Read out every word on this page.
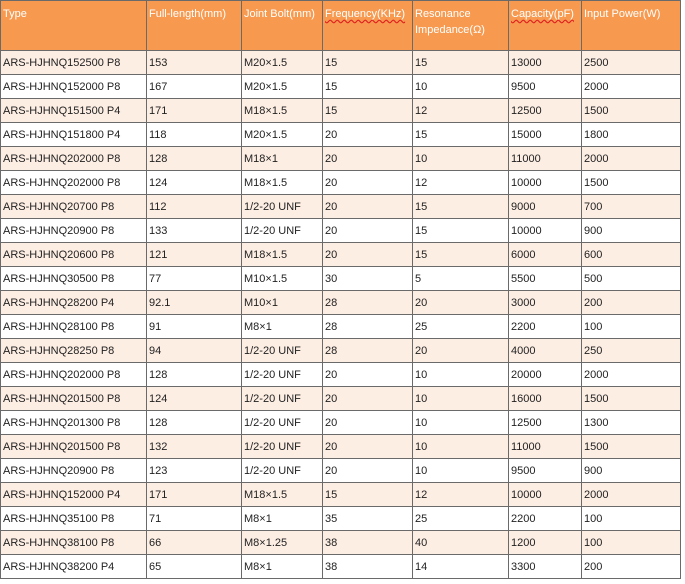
Type	Full-length(mm)	Joint Bolt(mm)	Frequency(KHz)	Resonance Impedance(Ω)	Capacity(pF)	Input Power(W)
ARS-HJHNQ152500 P8	153	M20×1.5	15	15	13000	2500
ARS-HJHNQ152000 P8	167	M20×1.5	15	10	9500	2000
ARS-HJHNQ151500 P4	171	M18×1.5	15	12	12500	1500
ARS-HJHNQ151800 P4	118	M20×1.5	20	15	15000	1800
ARS-HJHNQ202000 P8	128	M18×1	20	10	11000	2000
ARS-HJHNQ202000 P8	124	M18×1.5	20	12	10000	1500
ARS-HJHNQ20700 P8	112	1/2-20 UNF	20	15	9000	700
ARS-HJHNQ20900 P8	133	1/2-20 UNF	20	15	10000	900
ARS-HJHNQ20600 P8	121	M18×1.5	20	15	6000	600
ARS-HJHNQ30500 P8	77	M10×1.5	30	5	5500	500
ARS-HJHNQ28200 P4	92.1	M10×1	28	20	3000	200
ARS-HJHNQ28100 P8	91	M8×1	28	25	2200	100
ARS-HJHNQ28250 P8	94	1/2-20 UNF	28	20	4000	250
ARS-HJHNQ202000 P8	128	1/2-20 UNF	20	10	20000	2000
ARS-HJHNQ201500 P8	124	1/2-20 UNF	20	10	16000	1500
ARS-HJHNQ201300 P8	128	1/2-20 UNF	20	10	12500	1300
ARS-HJHNQ201500 P8	132	1/2-20 UNF	20	10	11000	1500
ARS-HJHNQ20900 P8	123	1/2-20 UNF	20	10	9500	900
ARS-HJHNQ152000 P4	171	M18×1.5	15	12	10000	2000
ARS-HJHNQ35100 P8	71	M8×1	35	25	2200	100
ARS-HJHNQ38100 P8	66	M8×1.25	38	40	1200	100
ARS-HJHNQ38200 P4	65	M8×1	38	14	3300	200
